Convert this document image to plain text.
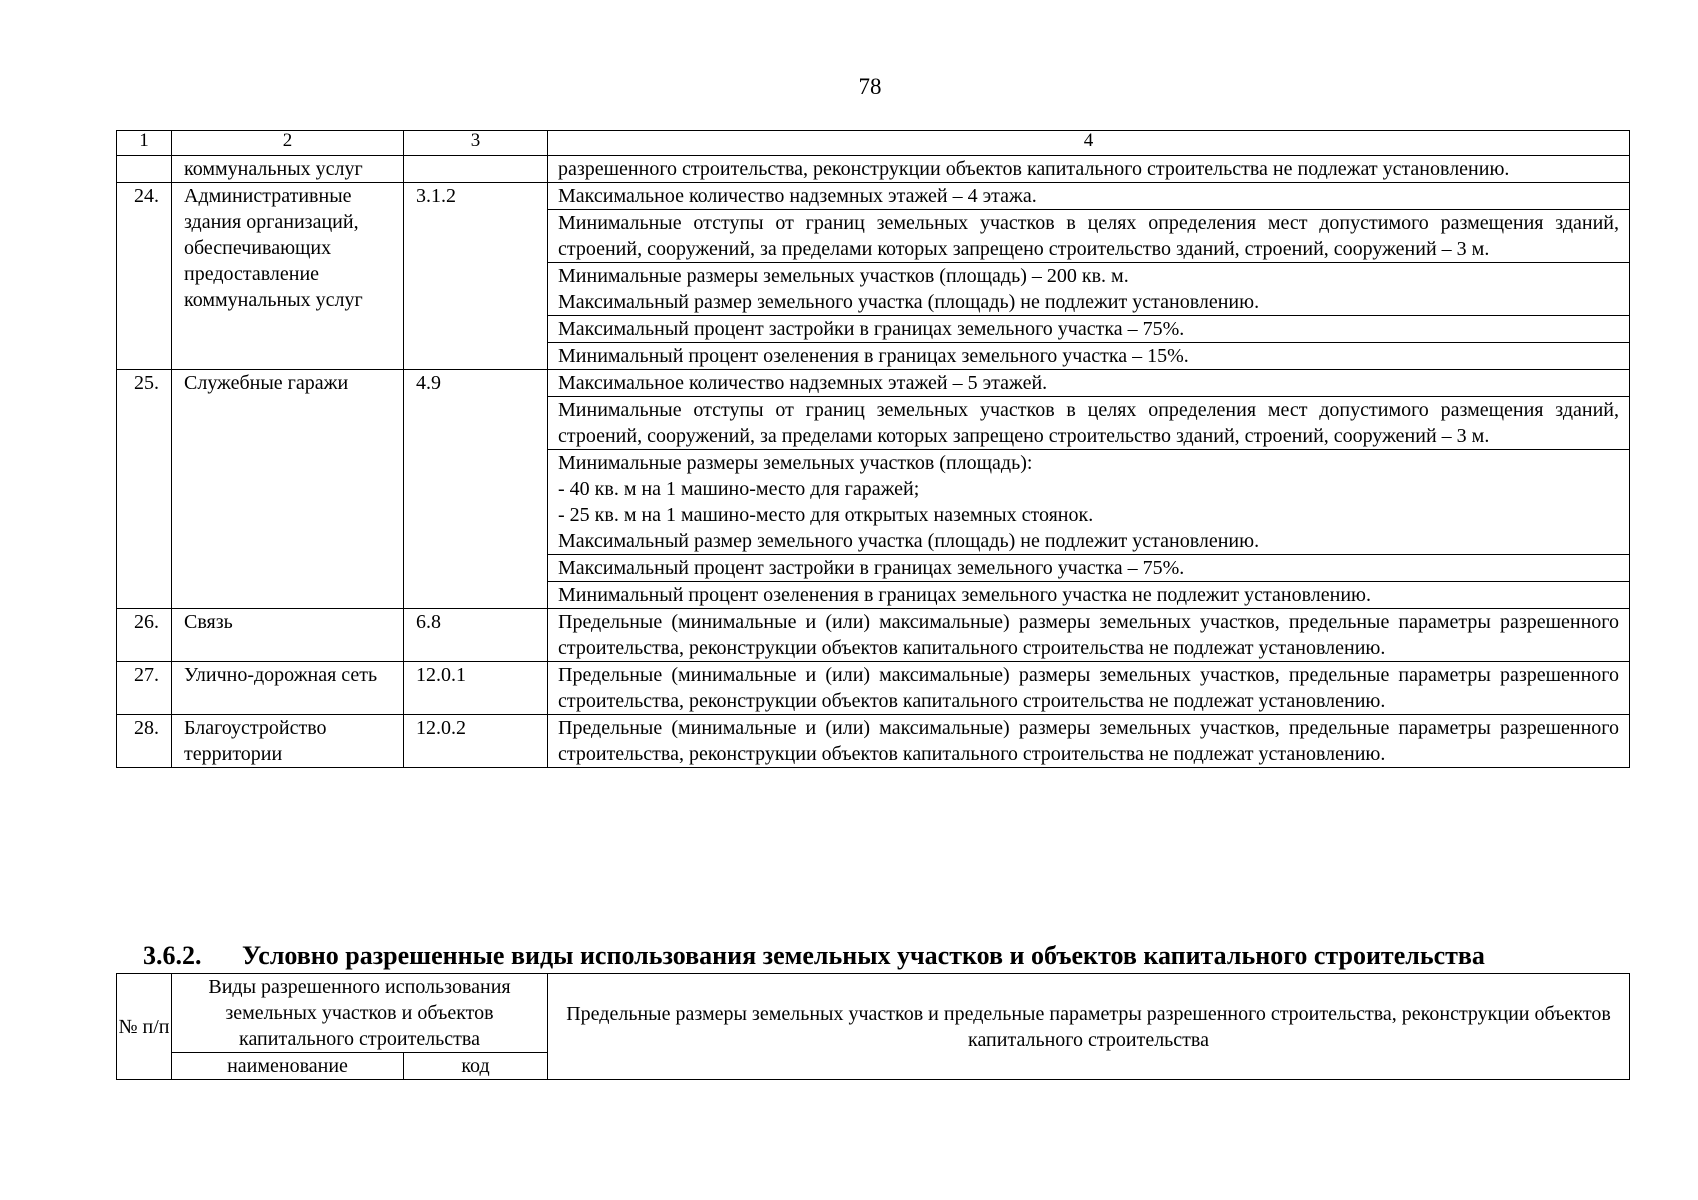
78
1	2	3	4
	коммунальных услуг		разрешенного строительства, реконструкции объектов капитального строительства не подлежат установлению.
24.	Административные здания организаций, обеспечивающих предоставление коммунальных услуг	3.1.2	Максимальное количество надземных этажей – 4 этажа.
			Минимальные отступы от границ земельных участков в целях определения мест допустимого размещения зданий, строений, сооружений, за пределами которых запрещено строительство зданий, строений, сооружений – 3 м.
			Минимальные размеры земельных участков (площадь) – 200 кв. м.
Максимальный размер земельного участка (площадь) не подлежит установлению.
			Максимальный процент застройки в границах земельного участка – 75%.
			Минимальный процент озеленения в границах земельного участка – 15%.
25.	Служебные гаражи	4.9	Максимальное количество надземных этажей – 5 этажей.
			Минимальные отступы от границ земельных участков в целях определения мест допустимого размещения зданий, строений, сооружений, за пределами которых запрещено строительство зданий, строений, сооружений – 3 м.
			Минимальные размеры земельных участков (площадь):
- 40 кв. м на 1 машино-место для гаражей;
- 25 кв. м на 1 машино-место для открытых наземных стоянок.
Максимальный размер земельного участка (площадь) не подлежит установлению.
			Максимальный процент застройки в границах земельного участка – 75%.
			Минимальный процент озеленения в границах земельного участка не подлежит установлению.
26.	Связь	6.8	Предельные (минимальные и (или) максимальные) размеры земельных участков, предельные параметры разрешенного строительства, реконструкции объектов капитального строительства не подлежат установлению.
27.	Улично-дорожная сеть	12.0.1	Предельные (минимальные и (или) максимальные) размеры земельных участков, предельные параметры разрешенного строительства, реконструкции объектов капитального строительства не подлежат установлению.
28.	Благоустройство территории	12.0.2	Предельные (минимальные и (или) максимальные) размеры земельных участков, предельные параметры разрешенного строительства, реконструкции объектов капитального строительства не подлежат установлению.
3.6.2. Условно разрешенные виды использования земельных участков и объектов капитального строительства
№ п/п	Виды разрешенного использования земельных участков и объектов капитального строительства		Предельные размеры земельных участков и предельные параметры разрешенного строительства, реконструкции объектов капитального строительства
	наименование	код	
